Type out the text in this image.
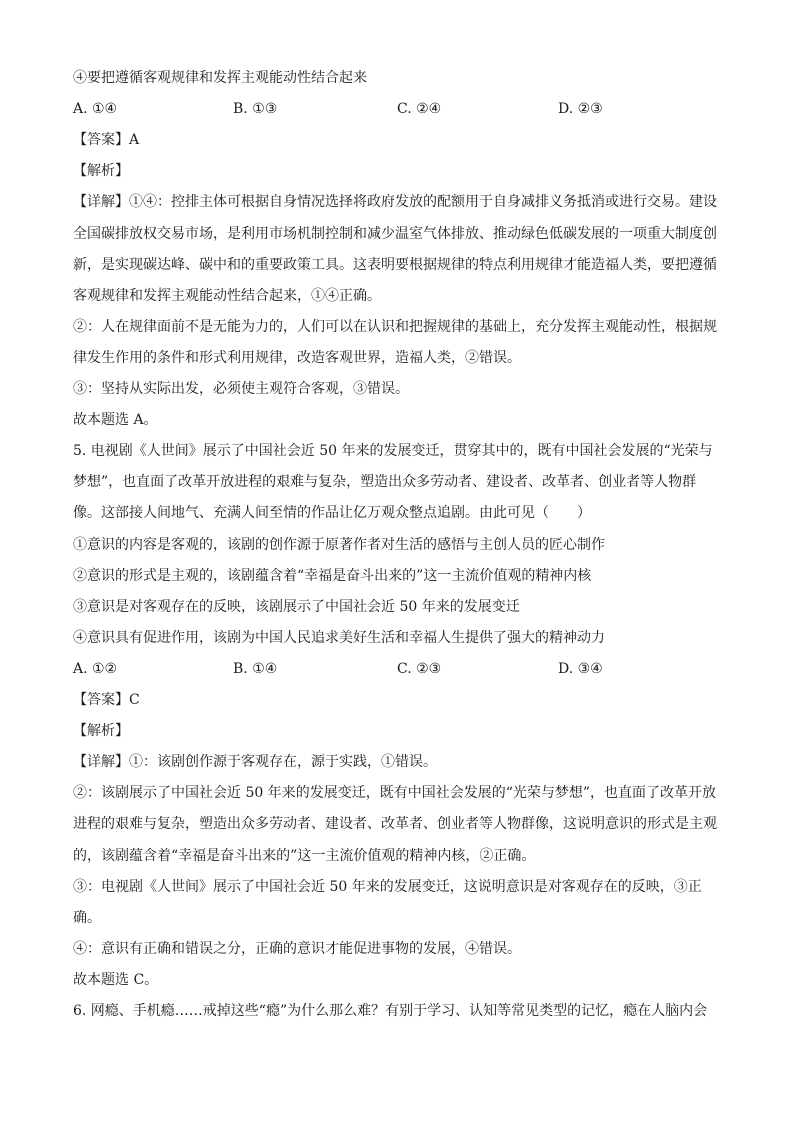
④要把遵循客观规律和发挥主观能动性结合起来
A. ①④	B. ①③	C. ②④	D. ②③
【答案】A
【解析】
【详解】①④：控排主体可根据自身情况选择将政府发放的配额用于自身减排义务抵消或进行交易。建设
全国碳排放权交易市场，是利用市场机制控制和减少温室气体排放、推动绿色低碳发展的一项重大制度创
新，是实现碳达峰、碳中和的重要政策工具。这表明要根据规律的特点利用规律才能造福人类，要把遵循
客观规律和发挥主观能动性结合起来，①④正确。
②：人在规律面前不是无能为力的，人们可以在认识和把握规律的基础上，充分发挥主观能动性，根据规
律发生作用的条件和形式利用规律，改造客观世界，造福人类，②错误。
③：坚持从实际出发，必须使主观符合客观，③错误。
故本题选 A。
5. 电视剧《人世间》展示了中国社会近 50 年来的发展变迁，贯穿其中的，既有中国社会发展的“光荣与
梦想”，也直面了改革开放进程的艰难与复杂，塑造出众多劳动者、建设者、改革者、创业者等人物群
像。这部接人间地气、充满人间至情的作品让亿万观众整点追剧。由此可见（　　）
①意识的内容是客观的，该剧的创作源于原著作者对生活的感悟与主创人员的匠心制作
②意识的形式是主观的，该剧蕴含着“幸福是奋斗出来的”这一主流价值观的精神内核
③意识是对客观存在的反映，该剧展示了中国社会近 50 年来的发展变迁
④意识具有促进作用，该剧为中国人民追求美好生活和幸福人生提供了强大的精神动力
A. ①②	B. ①④	C. ②③	D. ③④
【答案】C
【解析】
【详解】①：该剧创作源于客观存在，源于实践，①错误。
②：该剧展示了中国社会近 50 年来的发展变迁，既有中国社会发展的“光荣与梦想”，也直面了改革开放
进程的艰难与复杂，塑造出众多劳动者、建设者、改革者、创业者等人物群像，这说明意识的形式是主观
的，该剧蕴含着“幸福是奋斗出来的”这一主流价值观的精神内核，②正确。
③：电视剧《人世间》展示了中国社会近 50 年来的发展变迁，这说明意识是对客观存在的反映，③正
确。
④：意识有正确和错误之分，正确的意识才能促进事物的发展，④错误。
故本题选 C。
6. 网瘾、手机瘾……戒掉这些“瘾”为什么那么难？有别于学习、认知等常见类型的记忆，瘾在人脑内会
